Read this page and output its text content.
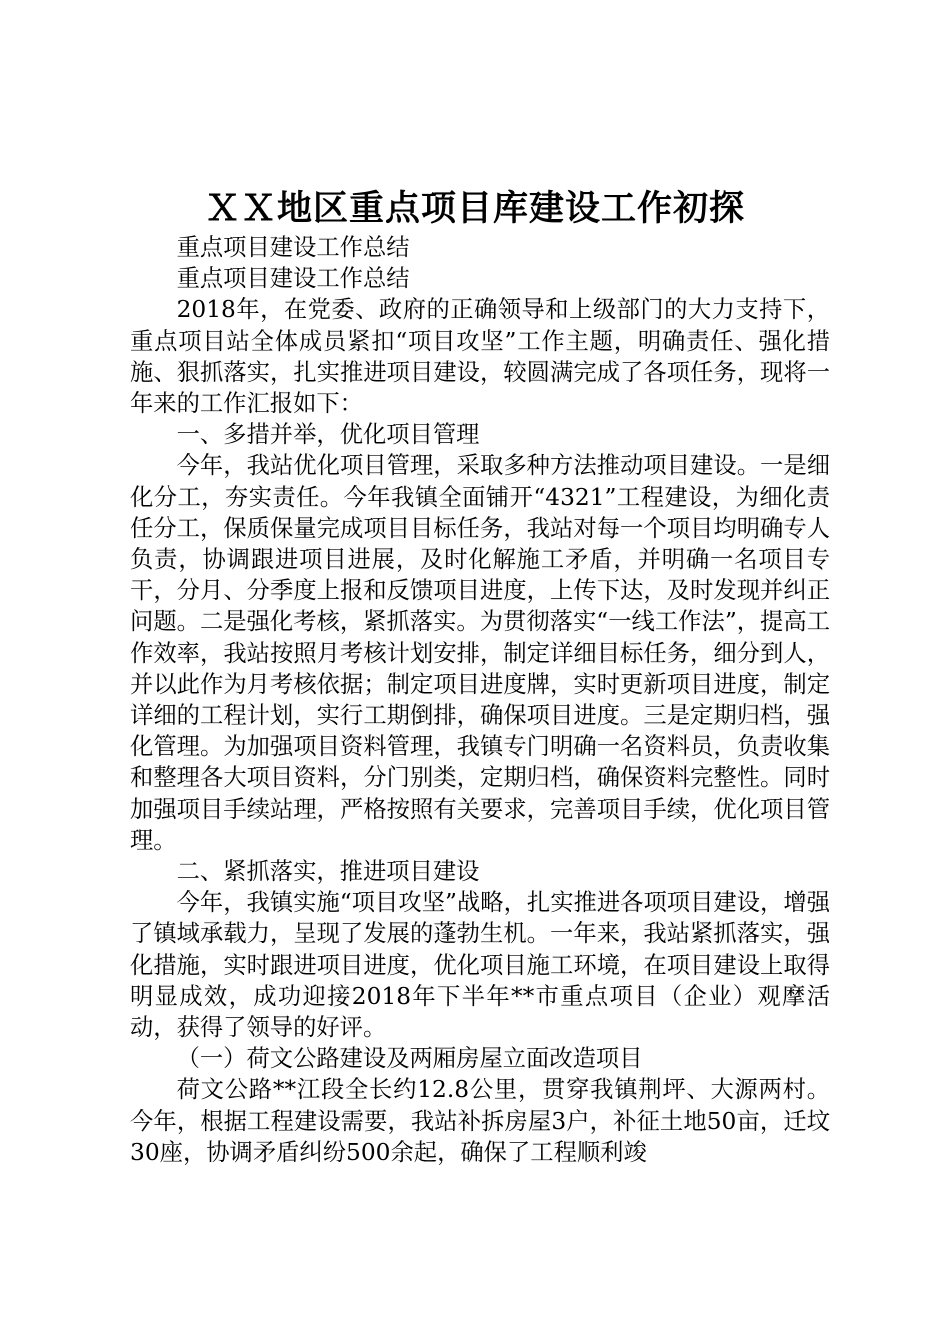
ＸＸ地区重点项目库建设工作初探

重点项目建设工作总结

重点项目建设工作总结

2018年，在党委、政府的正确领导和上级部门的大力支持下，重点项目站全体成员紧扣“项目攻坚”工作主题，明确责任、强化措施、狠抓落实，扎实推进项目建设，较圆满完成了各项任务，现将一年来的工作汇报如下：

一、多措并举，优化项目管理

今年，我站优化项目管理，采取多种方法推动项目建设。一是细化分工，夯实责任。今年我镇全面铺开“4321”工程建设，为细化责任分工，保质保量完成项目目标任务，我站对每一个项目均明确专人负责，协调跟进项目进展，及时化解施工矛盾，并明确一名项目专干，分月、分季度上报和反馈项目进度，上传下达，及时发现并纠正问题。二是强化考核，紧抓落实。为贯彻落实“一线工作法”，提高工作效率，我站按照月考核计划安排，制定详细目标任务，细分到人，并以此作为月考核依据；制定项目进度牌，实时更新项目进度，制定详细的工程计划，实行工期倒排，确保项目进度。三是定期归档，强化管理。为加强项目资料管理，我镇专门明确一名资料员，负责收集和整理各大项目资料，分门别类，定期归档，确保资料完整性。同时加强项目手续站理，严格按照有关要求，完善项目手续，优化项目管理。

二、紧抓落实，推进项目建设

今年，我镇实施“项目攻坚”战略，扎实推进各项项目建设，增强了镇域承载力，呈现了发展的蓬勃生机。一年来，我站紧抓落实，强化措施，实时跟进项目进度，优化项目施工环境，在项目建设上取得明显成效，成功迎接2018年下半年**市重点项目（企业）观摩活动，获得了领导的好评。

（一）荷文公路建设及两厢房屋立面改造项目

荷文公路**江段全长约12.8公里，贯穿我镇荆坪、大源两村。今年，根据工程建设需要，我站补拆房屋3户，补征土地50亩，迁坟30座，协调矛盾纠纷500余起，确保了工程顺利竣
